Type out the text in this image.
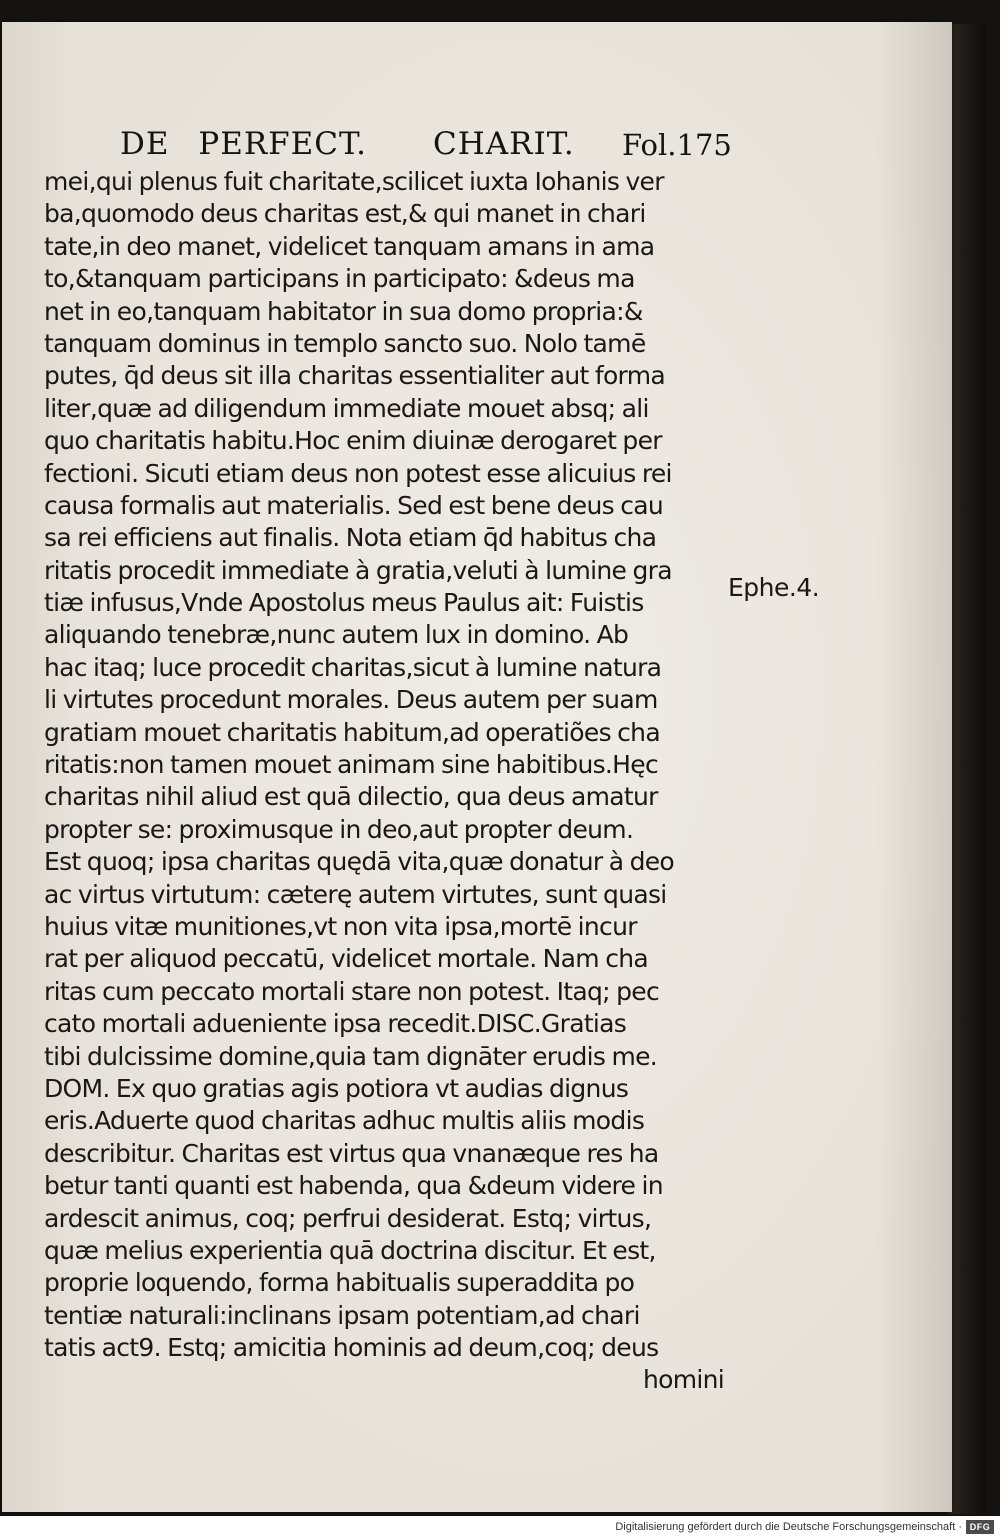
DE PERFECT. CHARIT. Fol.175
mei,qui plenus fuit charitate,scilicet iuxta Iohanis ver
ba,quomodo deus charitas est,& qui manet in chari
tate,in deo manet, videlicet tanquam amans in ama
to,&tanquam participans in participato: &deus ma
net in eo,tanquam habitator in sua domo propria:&
tanquam dominus in templo sancto suo. Nolo tamē
putes, q̄d deus sit illa charitas essentialiter aut forma
liter,quæ ad diligendum immediate mouet absq; ali
quo charitatis habitu.Hoc enim diuinæ derogaret per
fectioni. Sicuti etiam deus non potest esse alicuius rei
causa formalis aut materialis. Sed est bene deus cau
sa rei efficiens aut finalis. Nota etiam q̄d habitus cha
ritatis procedit immediate à gratia,veluti à lumine gra
tiæ infusus,Vnde Apostolus meus Paulus ait: Fuistis
aliquando tenebræ,nunc autem lux in domino. Ab
hac itaq; luce procedit charitas,sicut à lumine natura
li virtutes procedunt morales. Deus autem per suam
gratiam mouet charitatis habitum,ad operatiões cha
ritatis:non tamen mouet animam sine habitibus.Hęc
charitas nihil aliud est quā dilectio, qua deus amatur
propter se: proximusque in deo,aut propter deum.
Est quoq; ipsa charitas quędā vita,quæ donatur à deo
ac virtus virtutum: cæterę autem virtutes, sunt quasi
huius vitæ munitiones,vt non vita ipsa,mortē incur
rat per aliquod peccatū, videlicet mortale. Nam cha
ritas cum peccato mortali stare non potest. Itaq; pec
cato mortali adueniente ipsa recedit.DISC.Gratias
tibi dulcissime domine,quia tam dignāter erudis me.
DOM. Ex quo gratias agis potiora vt audias dignus
eris.Aduerte quod charitas adhuc multis aliis modis
describitur. Charitas est virtus qua vnanæque res ha
betur tanti quanti est habenda, qua &deum videre in
ardescit animus, coq; perfrui desiderat. Estq; virtus,
quæ melius experientia quā doctrina discitur. Et est,
proprie loquendo, forma habitualis superaddita po
tentiæ naturali:inclinans ipsam potentiam,ad chari
tatis act9. Estq; amicitia hominis ad deum,coq; deus
homini
Ephe.4.
Digitalisierung gefördert durch die Deutsche Forschungsgemeinschaft · DFG
